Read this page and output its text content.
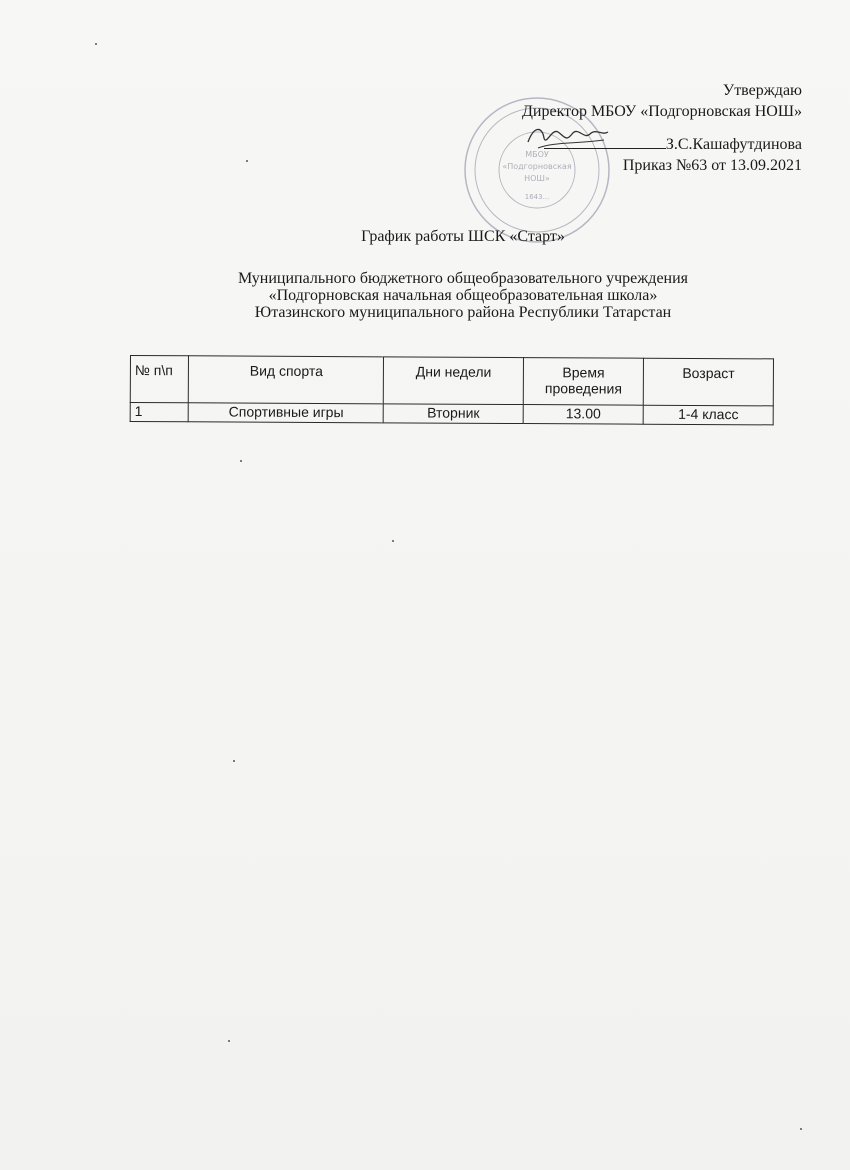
МБОУ
«Подгорновская
НОШ»
1643...
Утверждаю
Директор МБОУ «Подгорновская НОШ»
З.С.Кашафутдинова
Приказ №63 от 13.09.2021
График работы ШСК «Старт»
Муниципального бюджетного общеобразовательного учреждения
«Подгорновская начальная общеобразовательная школа»
Ютазинского муниципального района Республики Татарстан
№ п\п	Вид спорта	Дни недели	Время проведения	Возраст
1	Спортивные игры	Вторник	13.00	1-4 класс
